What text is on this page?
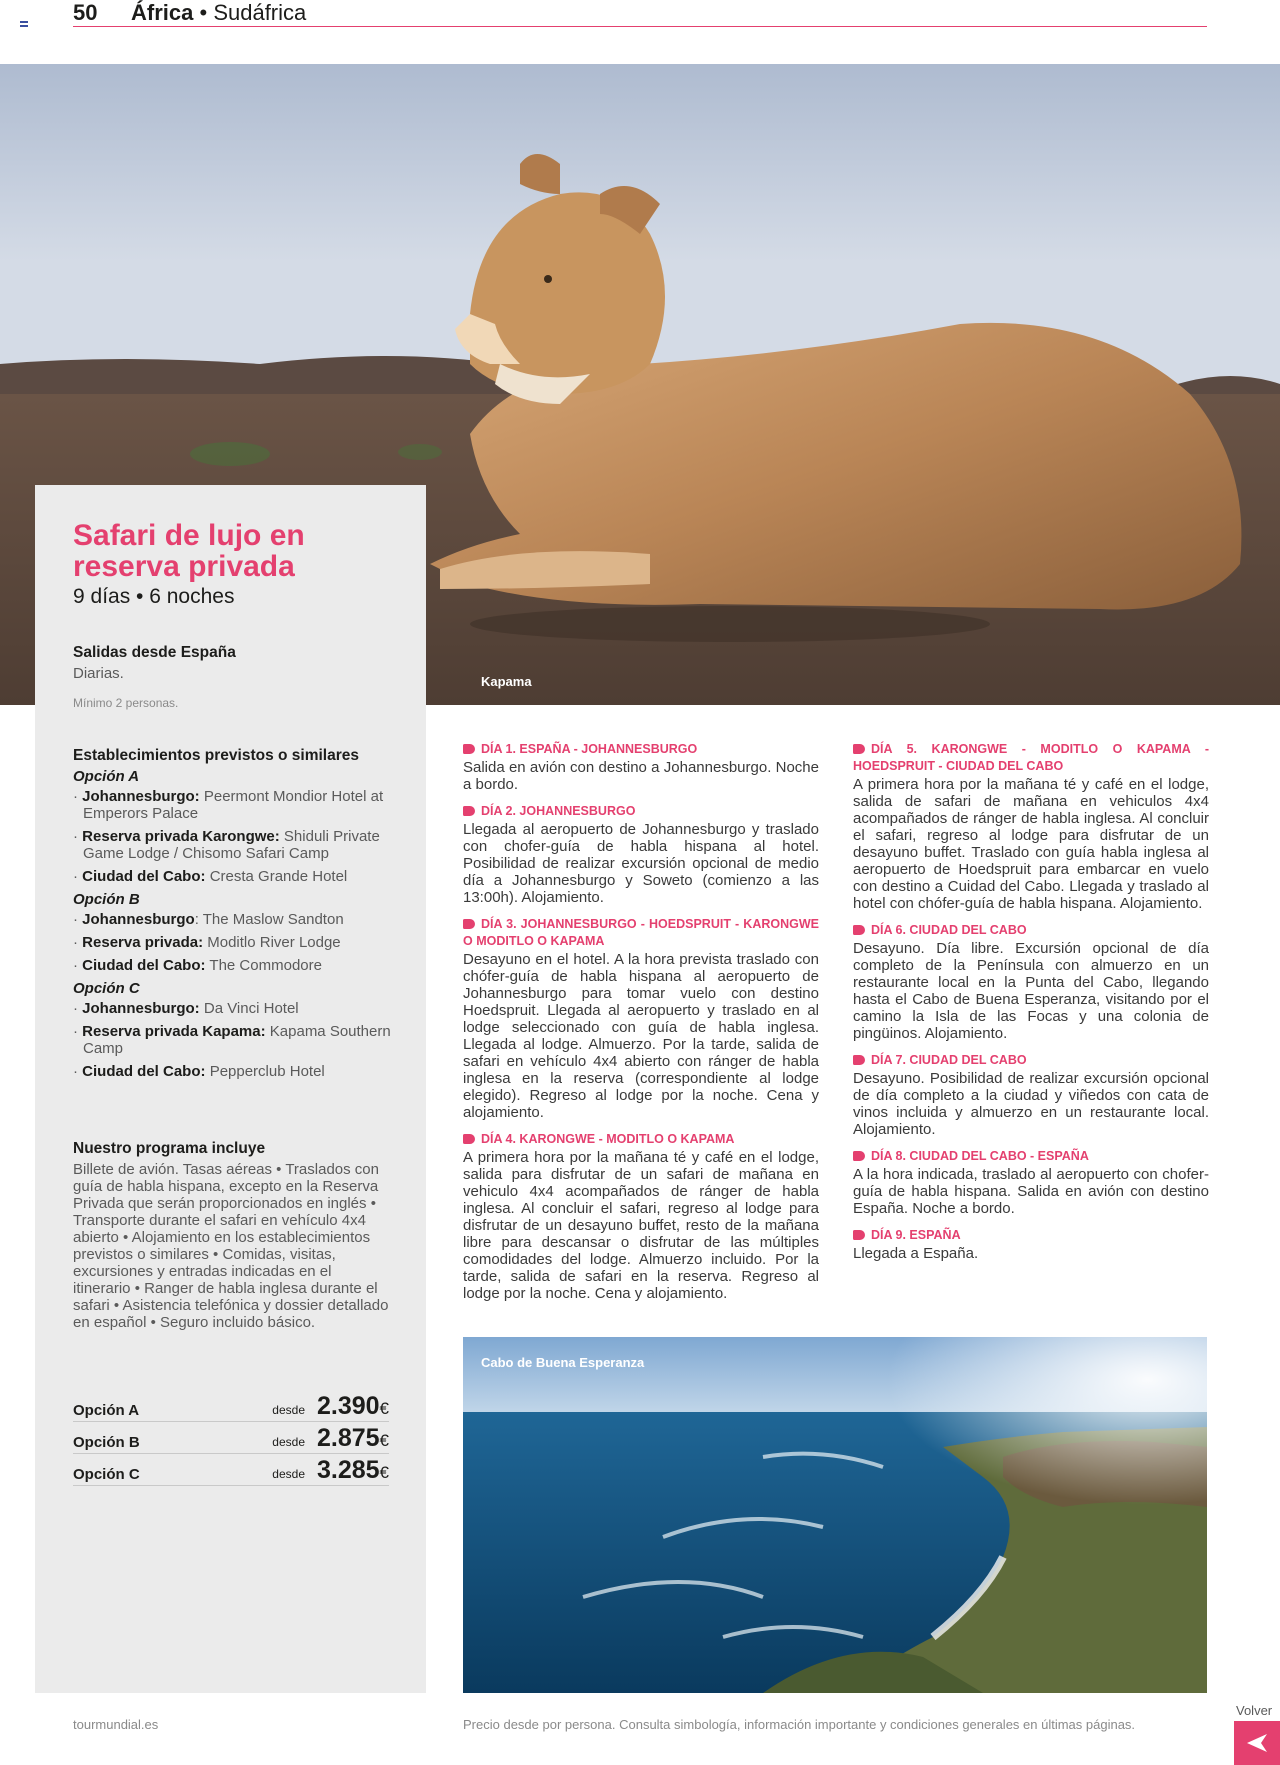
50 África • Sudáfrica
Kapama
Safari de lujo en reserva privada
9 días • 6 noches
Salidas desde España
Diarias.
Mínimo 2 personas.
Establecimientos previstos o similares
Opción A
· Johannesburgo: Peermont Mondior Hotel at Emperors Palace
· Reserva privada Karongwe: Shiduli Private Game Lodge / Chisomo Safari Camp
· Ciudad del Cabo: Cresta Grande Hotel
Opción B
· Johannesburgo: The Maslow Sandton
· Reserva privada: Moditlo River Lodge
· Ciudad del Cabo: The Commodore
Opción C
· Johannesburgo: Da Vinci Hotel
· Reserva privada Kapama: Kapama Southern Camp
· Ciudad del Cabo: Pepperclub Hotel
Nuestro programa incluye
Billete de avión. Tasas aéreas • Traslados con guía de habla hispana, excepto en la Reserva Privada que serán proporcionados en inglés • Transporte durante el safari en vehículo 4x4 abierto • Alojamiento en los establecimientos previstos o similares • Comidas, visitas, excursiones y entradas indicadas en el itinerario • Ranger de habla inglesa durante el safari • Asistencia telefónica y dossier detallado en español • Seguro incluido básico.
Opción A	desde 2.390€
Opción B	desde 2.875€
Opción C	desde 3.285€
DÍA 1. ESPAÑA - JOHANNESBURGO

Salida en avión con destino a Johannesburgo. Noche a bordo.

DÍA 2. JOHANNESBURGO

Llegada al aeropuerto de Johannesburgo y traslado con chofer-guía de habla hispana al hotel. Posibilidad de realizar excursión opcional de medio día a Johannesburgo y Soweto (comienzo a las 13:00h). Alojamiento.

DÍA 3. JOHANNESBURGO - HOEDSPRUIT - KARONGWE O MODITLO O KAPAMA

Desayuno en el hotel. A la hora prevista traslado con chófer-guía de habla hispana al aeropuerto de Johannesburgo para tomar vuelo con destino Hoedspruit. Llegada al aeropuerto y traslado en al lodge seleccionado con guía de habla inglesa. Llegada al lodge. Almuerzo. Por la tarde, salida de safari en vehículo 4x4 abierto con ránger de habla inglesa en la reserva (correspondiente al lodge elegido). Regreso al lodge por la noche. Cena y alojamiento.

DÍA 4. KARONGWE - MODITLO O KAPAMA

A primera hora por la mañana té y café en el lodge, salida para disfrutar de un safari de mañana en vehiculo 4x4 acompañados de ránger de habla inglesa. Al concluir el safari, regreso al lodge para disfrutar de un desayuno buffet, resto de la mañana libre para descansar o disfrutar de las múltiples comodidades del lodge. Almuerzo incluido. Por la tarde, salida de safari en la reserva. Regreso al lodge por la noche. Cena y alojamiento.

DÍA 5. KARONGWE - MODITLO O KAPAMA - HOEDSPRUIT - CIUDAD DEL CABO

A primera hora por la mañana té y café en el lodge, salida de safari de mañana en vehiculos 4x4 acompañados de ránger de habla inglesa. Al concluir el safari, regreso al lodge para disfrutar de un desayuno buffet. Traslado con guía habla inglesa al aeropuerto de Hoedspruit para embarcar en vuelo con destino a Cuidad del Cabo. Llegada y traslado al hotel con chófer-guía de habla hispana. Alojamiento.

DÍA 6. CIUDAD DEL CABO

Desayuno. Día libre. Excursión opcional de día completo de la Península con almuerzo en un restaurante local en la Punta del Cabo, llegando hasta el Cabo de Buena Esperanza, visitando por el camino la Isla de las Focas y una colonia de pingüinos. Alojamiento.

DÍA 7. CIUDAD DEL CABO

Desayuno. Posibilidad de realizar excursión opcional de día completo a la ciudad y viñedos con cata de vinos incluida y almuerzo en un restaurante local. Alojamiento.

DÍA 8. CIUDAD DEL CABO - ESPAÑA

A la hora indicada, traslado al aeropuerto con chofer-guía de habla hispana. Salida en avión con destino España. Noche a bordo.

DÍA 9. ESPAÑA

Llegada a España.

Cabo de Buena Esperanza
tourmundial.es	Precio desde por persona. Consulta simbología, información importante y condiciones generales en últimas páginas.
Volver
